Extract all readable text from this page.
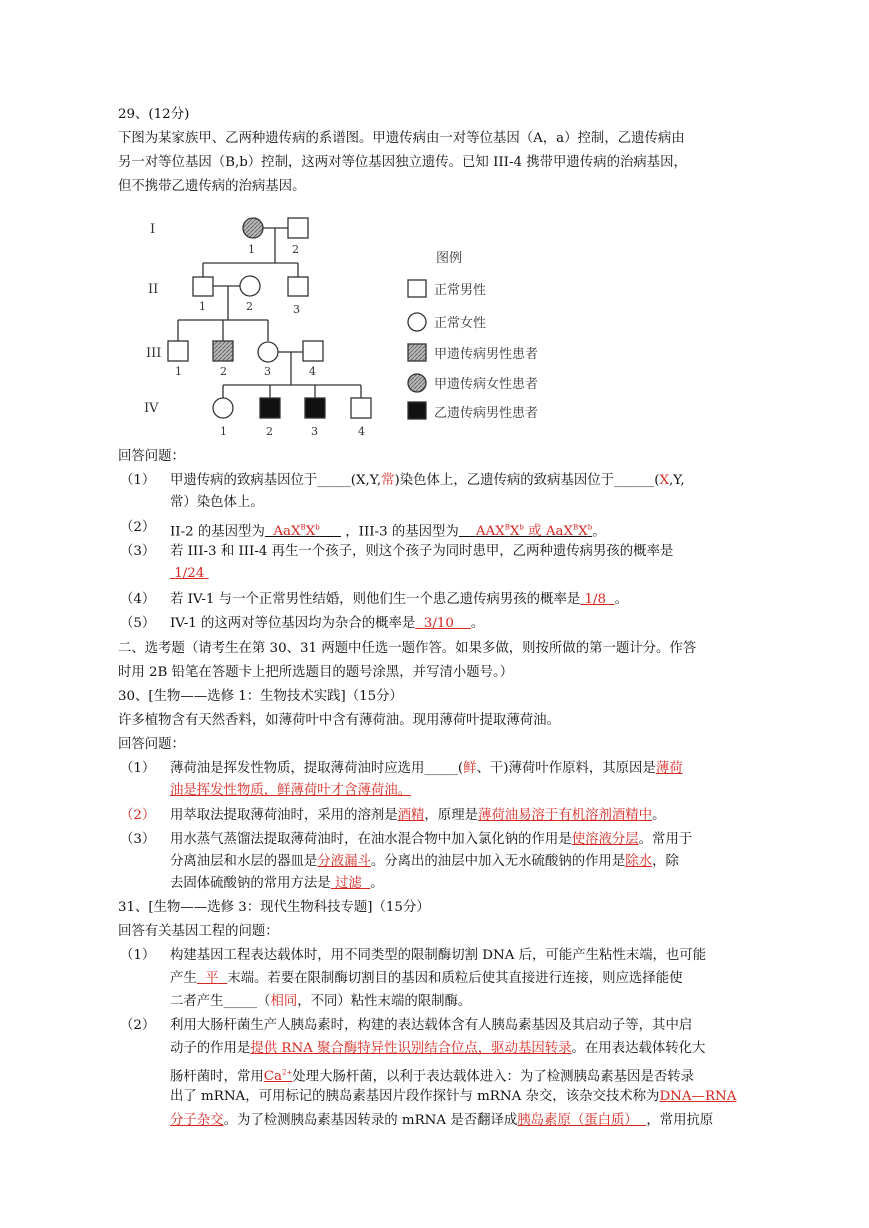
29、(12分)
下图为某家族甲、乙两种遗传病的系谱图。甲遗传病由一对等位基因（A，a）控制，乙遗传病由
另一对等位基因（B,b）控制，这两对等位基因独立遗传。已知 III-4 携带甲遗传病的治病基因，
但不携带乙遗传病的治病基因。
I
II
III
IV
1	2
1	2	3
1	2	3	4
1	2	3	4
图例
正常男性
正常女性
甲遗传病男性患者
甲遗传病女性患者
乙遗传病男性患者
回答问题：
（1） 甲遗传病的致病基因位于_____(X,Y,常)染色体上，乙遗传病的致病基因位于______(X,Y,
常）染色体上。
（2） II-2 的基因型为 $AaX^BX^b$ ，III-3 的基因型为 $AAX^BX^b$ 或 $AaX^BX^b$。
（3） 若 III-3 和 III-4 再生一个孩子，则这个孩子为同时患甲，乙两种遗传病男孩的概率是
1/24
（4） 若 IV-1 与一个正常男性结婚，则他们生一个患乙遗传病男孩的概率是 1/8 。
（5） IV-1 的这两对等位基因均为杂合的概率是 3/10 。
二、选考题（请考生在第 30、31 两题中任选一题作答。如果多做，则按所做的第一题计分。作答
时用 2B 铅笔在答题卡上把所选题目的题号涂黑，并写清小题号。）
30、[生物——选修 1：生物技术实践]（15分）
许多植物含有天然香料，如薄荷叶中含有薄荷油。现用薄荷叶提取薄荷油。
回答问题：
（1） 薄荷油是挥发性物质，提取薄荷油时应选用_____(鲜、干)薄荷叶作原料，其原因是薄荷
油是挥发性物质，鲜薄荷叶才含薄荷油。
（2） 用萃取法提取薄荷油时，采用的溶剂是酒精，原理是薄荷油易溶于有机溶剂酒精中。
（3） 用水蒸气蒸馏法提取薄荷油时，在油水混合物中加入氯化钠的作用是使溶液分层。常用于
分离油层和水层的器皿是分液漏斗。分离出的油层中加入无水硫酸钠的作用是除水，除
去固体硫酸钠的常用方法是 过滤 。
31、[生物——选修 3：现代生物科技专题]（15分）
回答有关基因工程的问题：
（1） 构建基因工程表达载体时，用不同类型的限制酶切割 DNA 后，可能产生粘性末端，也可能
产生 平 末端。若要在限制酶切割目的基因和质粒后使其直接进行连接，则应选择能使
二者产生_____（相同，不同）粘性末端的限制酶。
（2） 利用大肠杆菌生产人胰岛素时，构建的表达载体含有人胰岛素基因及其启动子等，其中启
动子的作用是提供 RNA 聚合酶特异性识别结合位点，驱动基因转录。在用表达载体转化大
肠杆菌时，常用$Ca^{2+}$处理大肠杆菌，以利于表达载体进入：为了检测胰岛素基因是否转录
出了 mRNA，可用标记的胰岛素基因片段作探针与 mRNA 杂交，该杂交技术称为DNA—RNA
分子杂交。为了检测胰岛素基因转录的 mRNA 是否翻译成胰岛素原（蛋白质） ，常用抗原
